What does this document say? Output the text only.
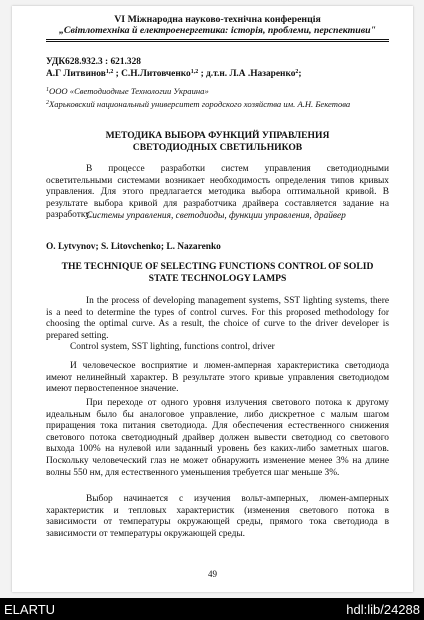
VI Міжнародна науково-технічна конференція
„Світлотехніка й електроенергетика: історія, проблеми, перспективи"
УДК628.932.3 : 621.328
А.Г Литвинов$^{1,2}$ ; С.Н.Литовченко$^{1,2}$ ; д.т.н. Л.А .Назаренко$^2$;
$^1$ООО «Светодиодные Технологии Украина»
$^2$Харьковский национальный университет городского хозяйства им. А.Н. Бекетова
МЕТОДИКА ВЫБОРА ФУНКЦИЙ УПРАВЛЕНИЯ СВЕТОДИОДНЫХ СВЕТИЛЬНИКОВ
В процессе разработки систем управления светодиодными осветительными системами возникает необходимость определения типов кривых управления. Для этого предлагается методика выбора оптимальной кривой. В результате выбора кривой для разработчика драйвера составляется задание на разработку.
Системы управления, светодиоды, функции управления, драйвер
O. Lytvynov; S. Litovchenko; L. Nazarenko
THE TECHNIQUE OF SELECTING FUNCTIONS CONTROL OF SOLID STATE TECHNOLOGY LAMPS
In the process of developing management systems, SST lighting systems, there is a need to determine the types of control curves. For this proposed methodology for choosing the optimal curve. As a result, the choice of curve to the driver developer is prepared setting.
Control system, SST lighting, functions control, driver
И человеческое восприятие и люмен-амперная характеристика светодиода имеют нелинейный характер. В результате этого кривые управления светодиодом имеют первостепенное значение.
При переходе от одного уровня излучения светового потока к другому идеальным было бы аналоговое управление, либо дискретное с малым шагом приращения тока питания светодиода. Для обеспечения естественного снижения светового потока светодиодный драйвер должен вывести светодиод со светового выхода 100% на нулевой или заданный уровень без каких-либо заметных шагов. Поскольку человеческий глаз не может обнаружить изменение менее 3% на длине волны 550 нм, для естественного уменьшения требуется шаг меньше 3%.
Выбор начинается с изучения вольт-амперных, люмен-амперных характеристик и тепловых характеристик (изменения светового потока в зависимости от температуры окружающей среды, прямого тока светодиода в зависимости от температуры окружающей среды.
49
ELARTU	hdl:lib/24288
